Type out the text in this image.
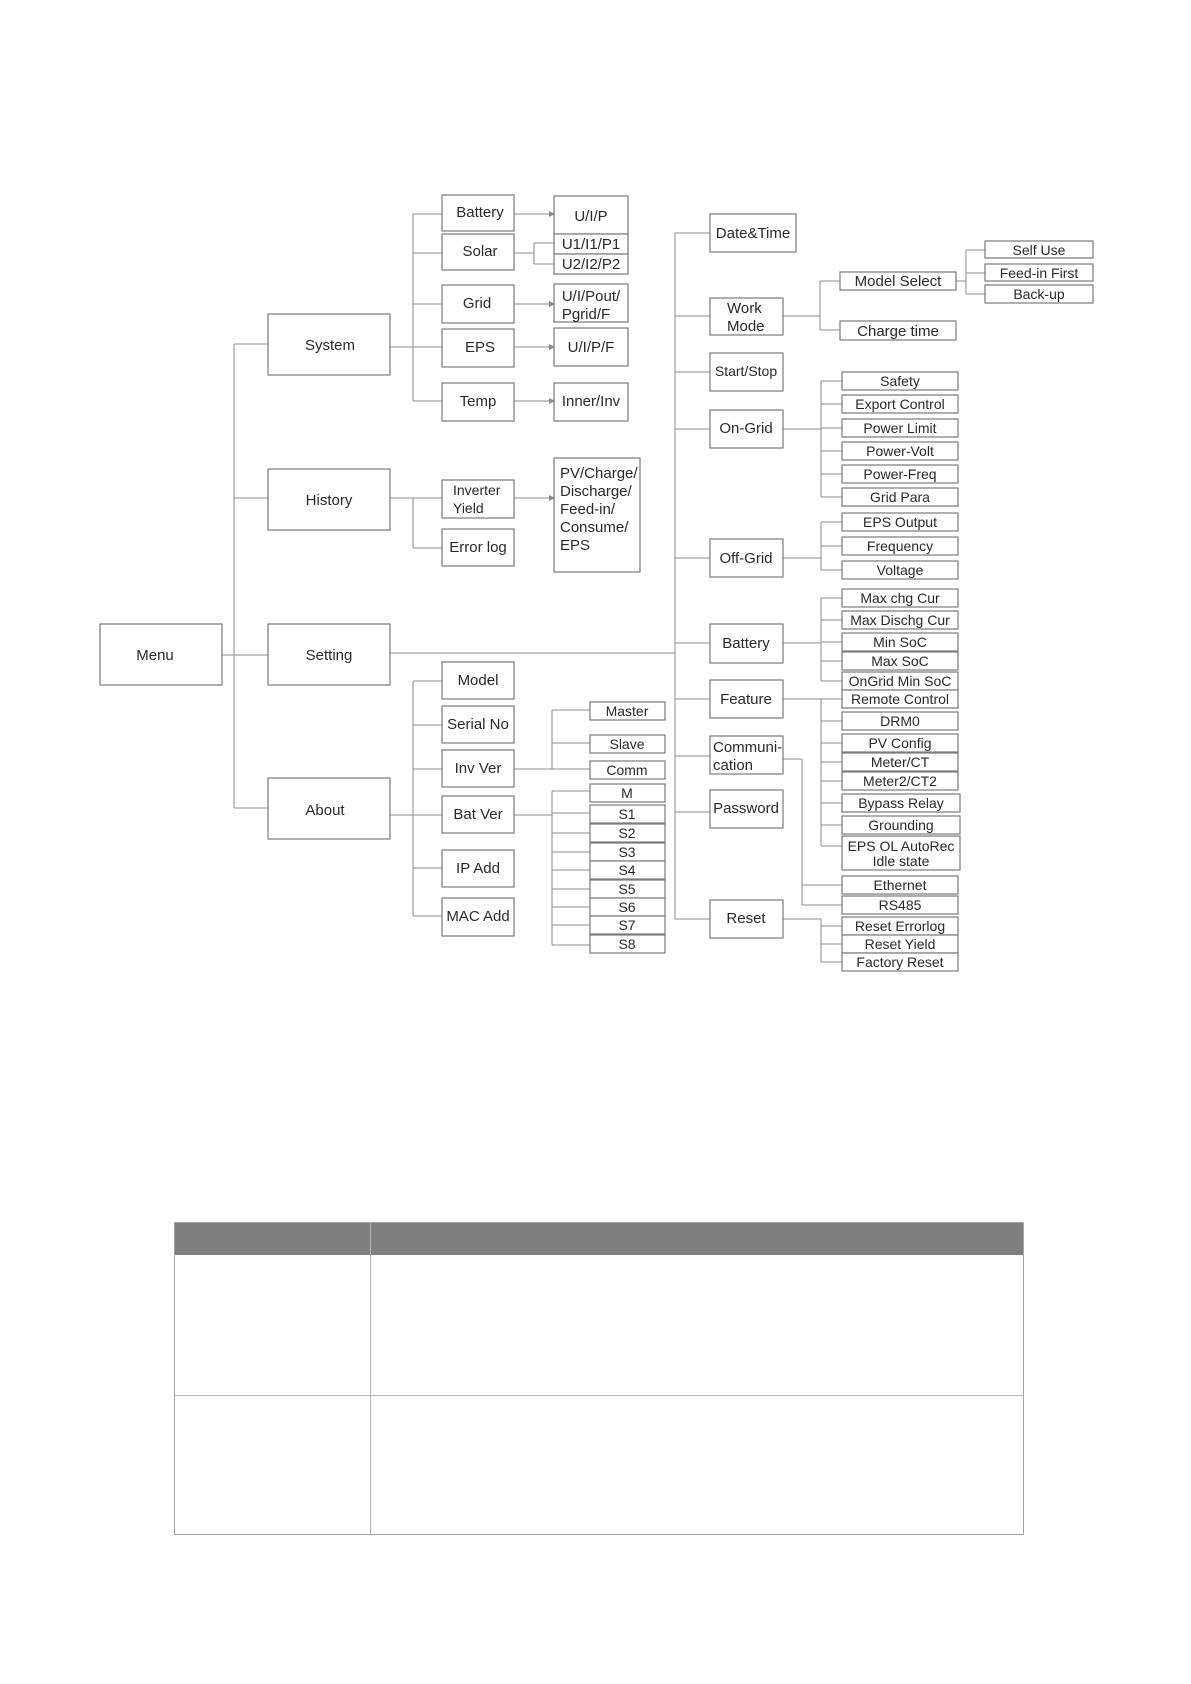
Menu
System
History
Setting
About
Battery
Solar
Grid
EPS
Temp
U/I/P
U1/I1/P1
U2/I2/P2
U/I/Pout/
Pgrid/F
U/I/P/F
Inner/Inv
Inverter
Yield
Error log
PV/Charge/
Discharge/
Feed-in/
Consume/
EPS
Date&Time
Work
Mode
Start/Stop
On-Grid
Off-Grid
Battery
Feature
Communi-
cation
Password
Reset
Model Select
Charge time
Self Use
Feed-in First
Back-up
Safety
Export Control
Power Limit
Power-Volt
Power-Freq
Grid Para
EPS Output
Frequency
Voltage
Max chg Cur
Max Dischg Cur
Min SoC
Max SoC
OnGrid Min SoC
Remote Control
DRM0
PV Config
Meter/CT
Meter2/CT2
Bypass Relay
Grounding
EPS OL AutoRec
Idle state
Ethernet
RS485
Reset Errorlog
Reset Yield
Factory Reset
Model
Serial No
Inv Ver
Bat Ver
IP Add
MAC Add
Master
Slave
Comm
M
S1
S2
S3
S4
S5
S6
S7
S8
